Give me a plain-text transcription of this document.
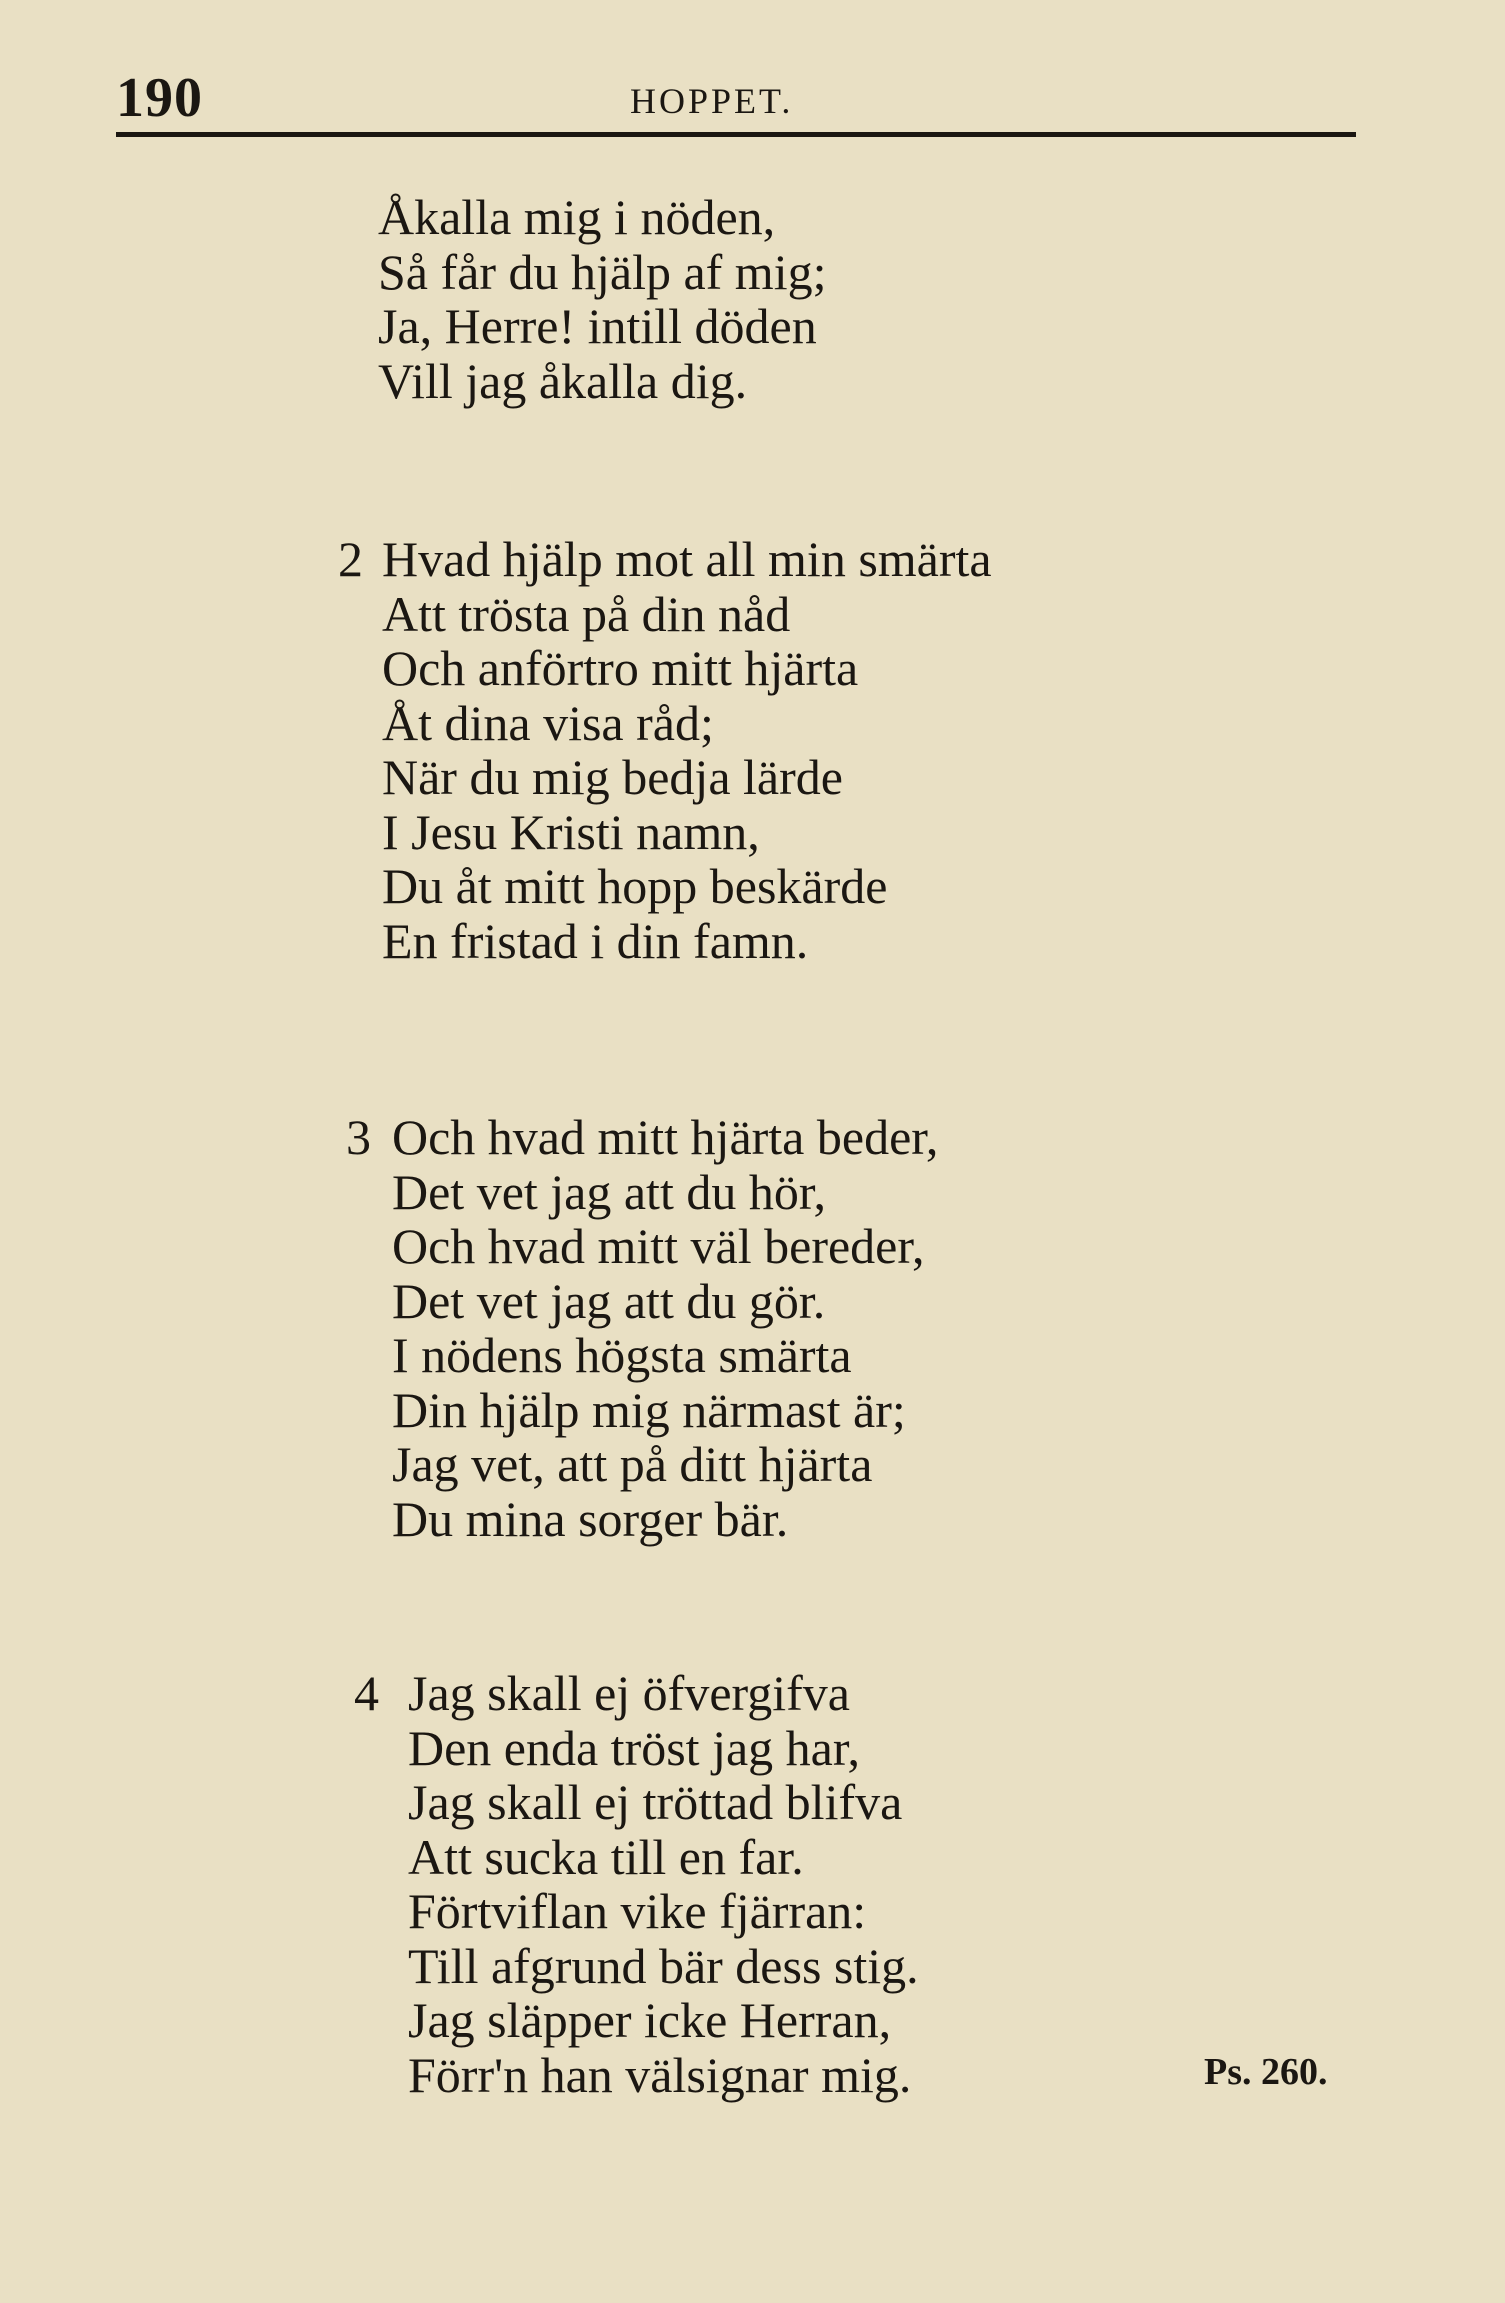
190	HOPPET.
Åkalla mig i nöden,
Så får du hjälp af mig;
Ja, Herre! intill döden
Vill jag åkalla dig.
2 Hvad hjälp mot all min smärta
Att trösta på din nåd
Och anförtro mitt hjärta
Åt dina visa råd;
När du mig bedja lärde
I Jesu Kristi namn,
Du åt mitt hopp beskärde
En fristad i din famn.
3 Och hvad mitt hjärta beder,
Det vet jag att du hör,
Och hvad mitt väl bereder,
Det vet jag att du gör.
I nödens högsta smärta
Din hjälp mig närmast är;
Jag vet, att på ditt hjärta
Du mina sorger bär.
4 Jag skall ej öfvergifva
Den enda tröst jag har,
Jag skall ej tröttad blifva
Att sucka till en far.
Förtviflan vike fjärran:
Till afgrund bär dess stig.
Jag släpper icke Herran,
Förr'n han välsignar mig.	Ps. 260.
